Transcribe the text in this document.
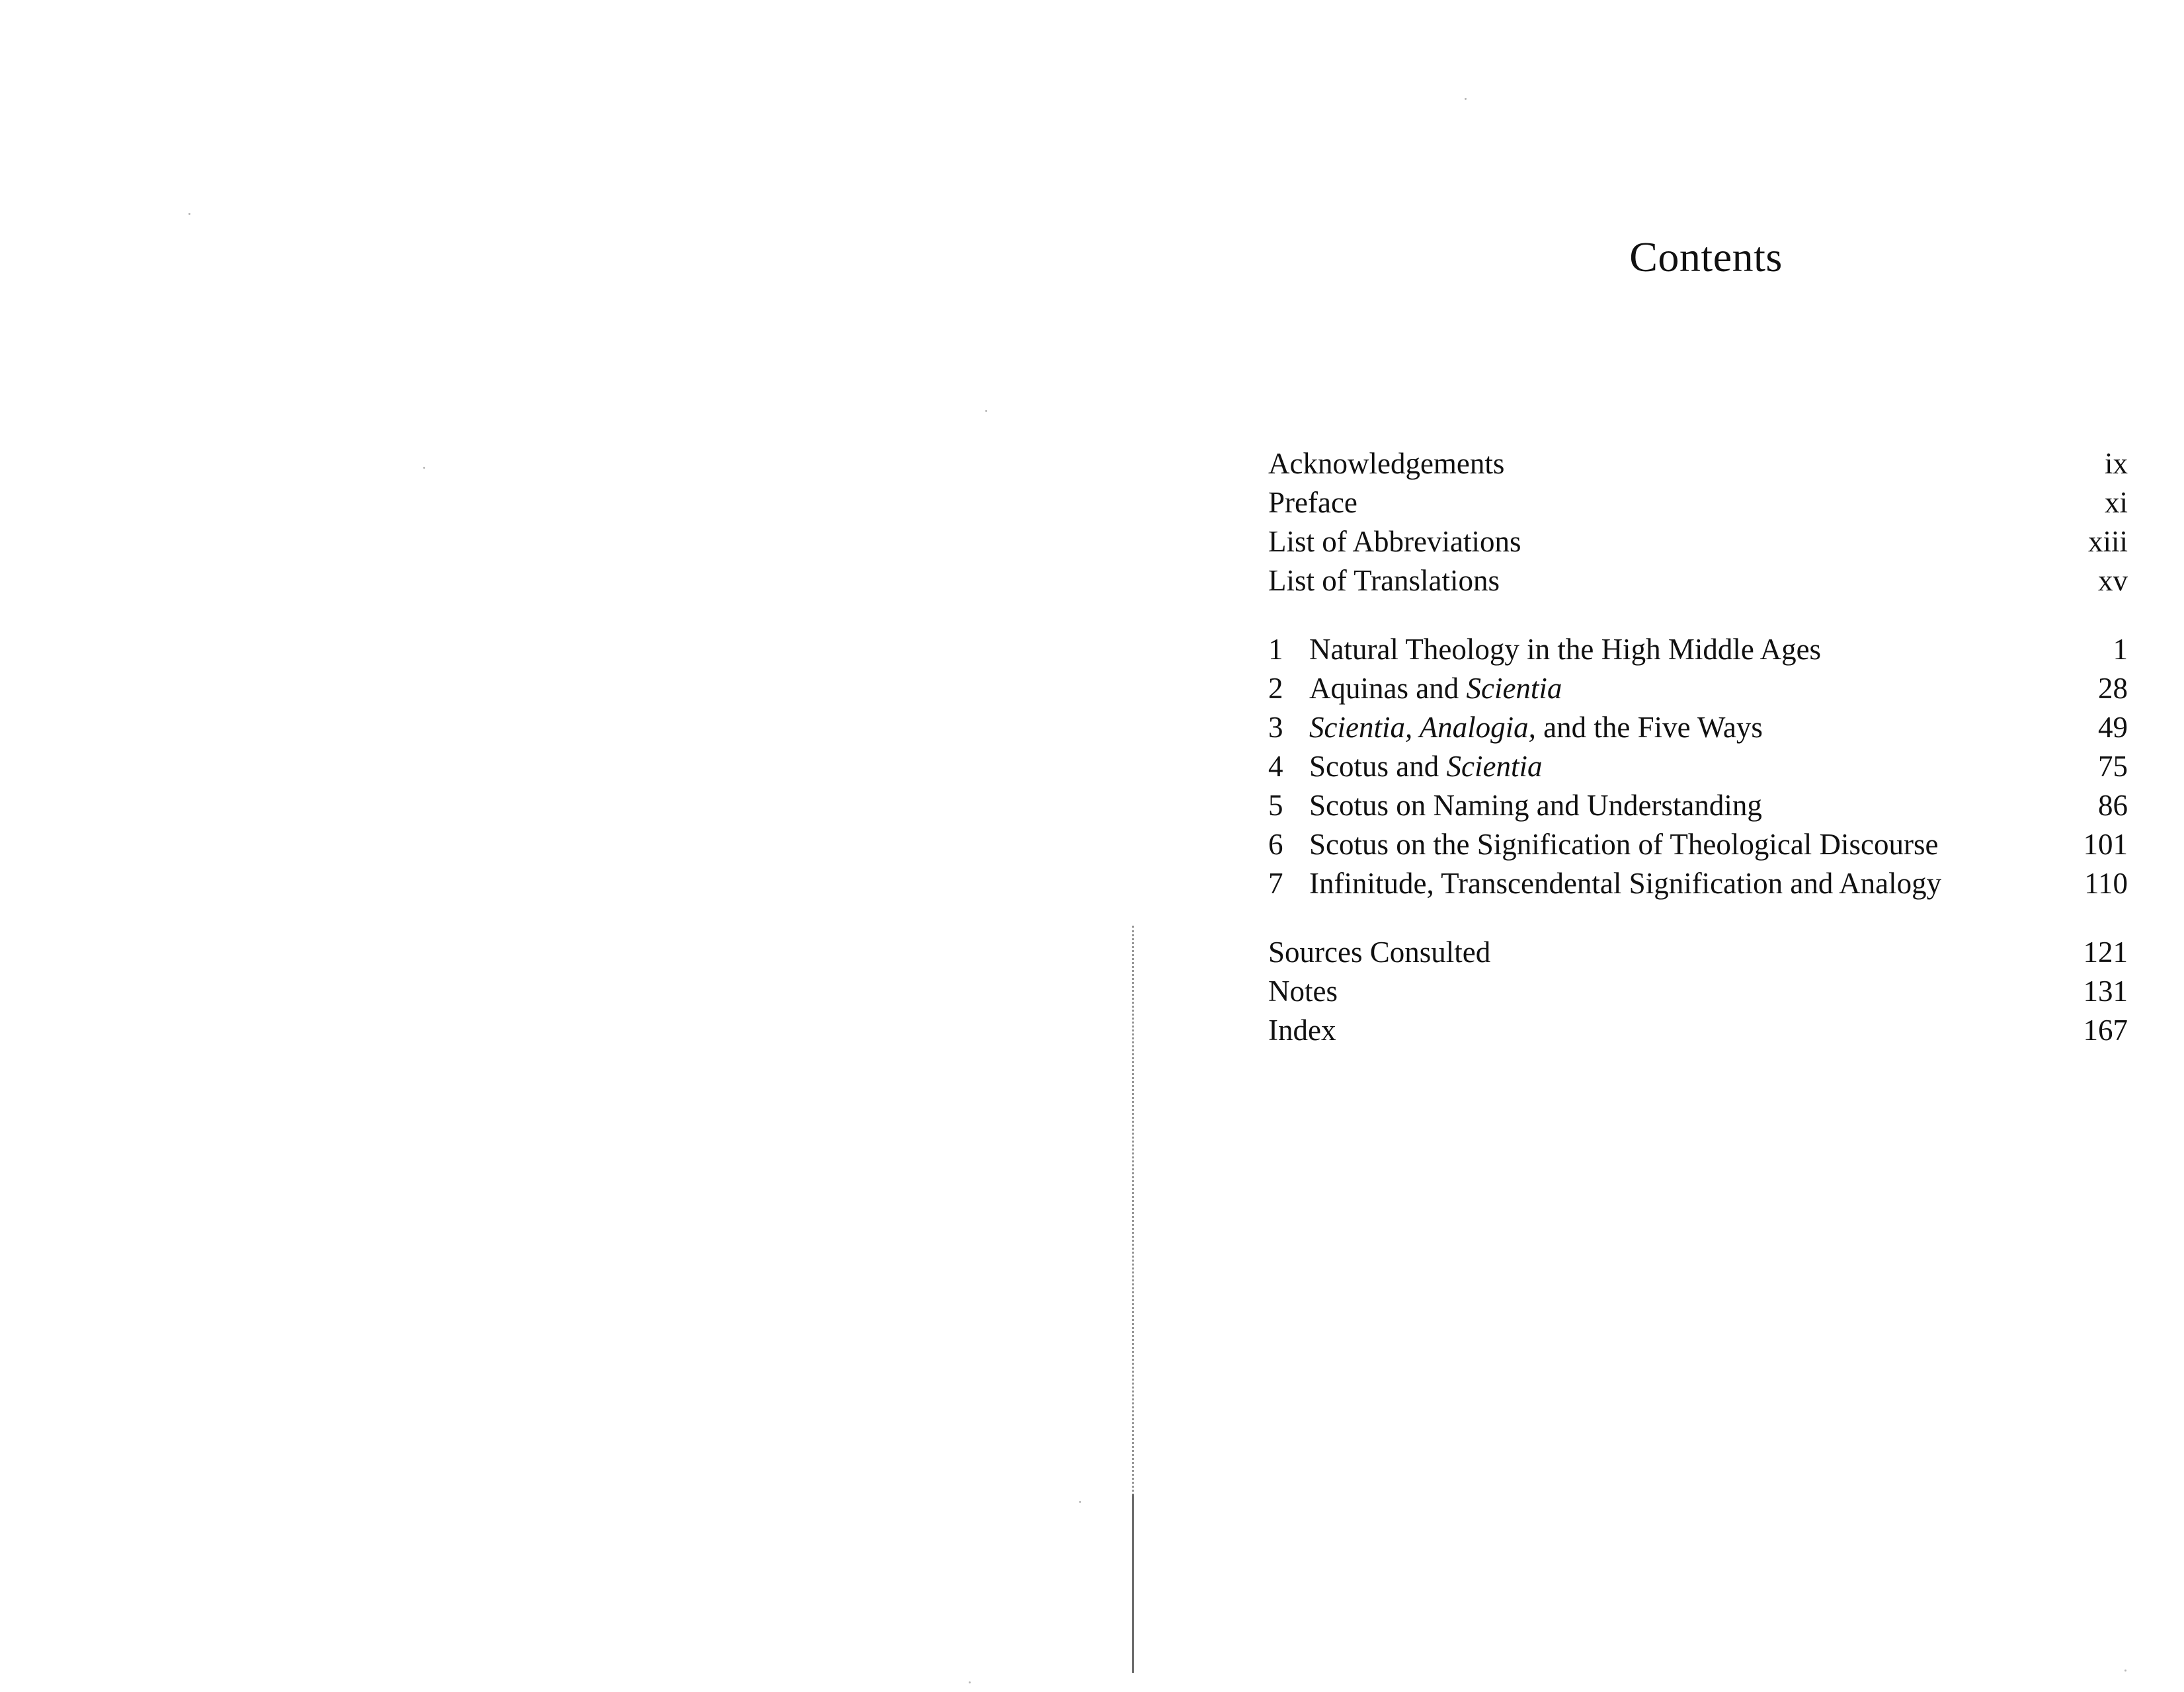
Contents
Acknowledgements	ix
Preface	xi
List of Abbreviations	xiii
List of Translations	xv
1 Natural Theology in the High Middle Ages	1
2 Aquinas and Scientia	28
3 Scientia, Analogia, and the Five Ways	49
4 Scotus and Scientia	75
5 Scotus on Naming and Understanding	86
6 Scotus on the Signification of Theological Discourse	101
7 Infinitude, Transcendental Signification and Analogy	110
Sources Consulted	121
Notes	131
Index	167
